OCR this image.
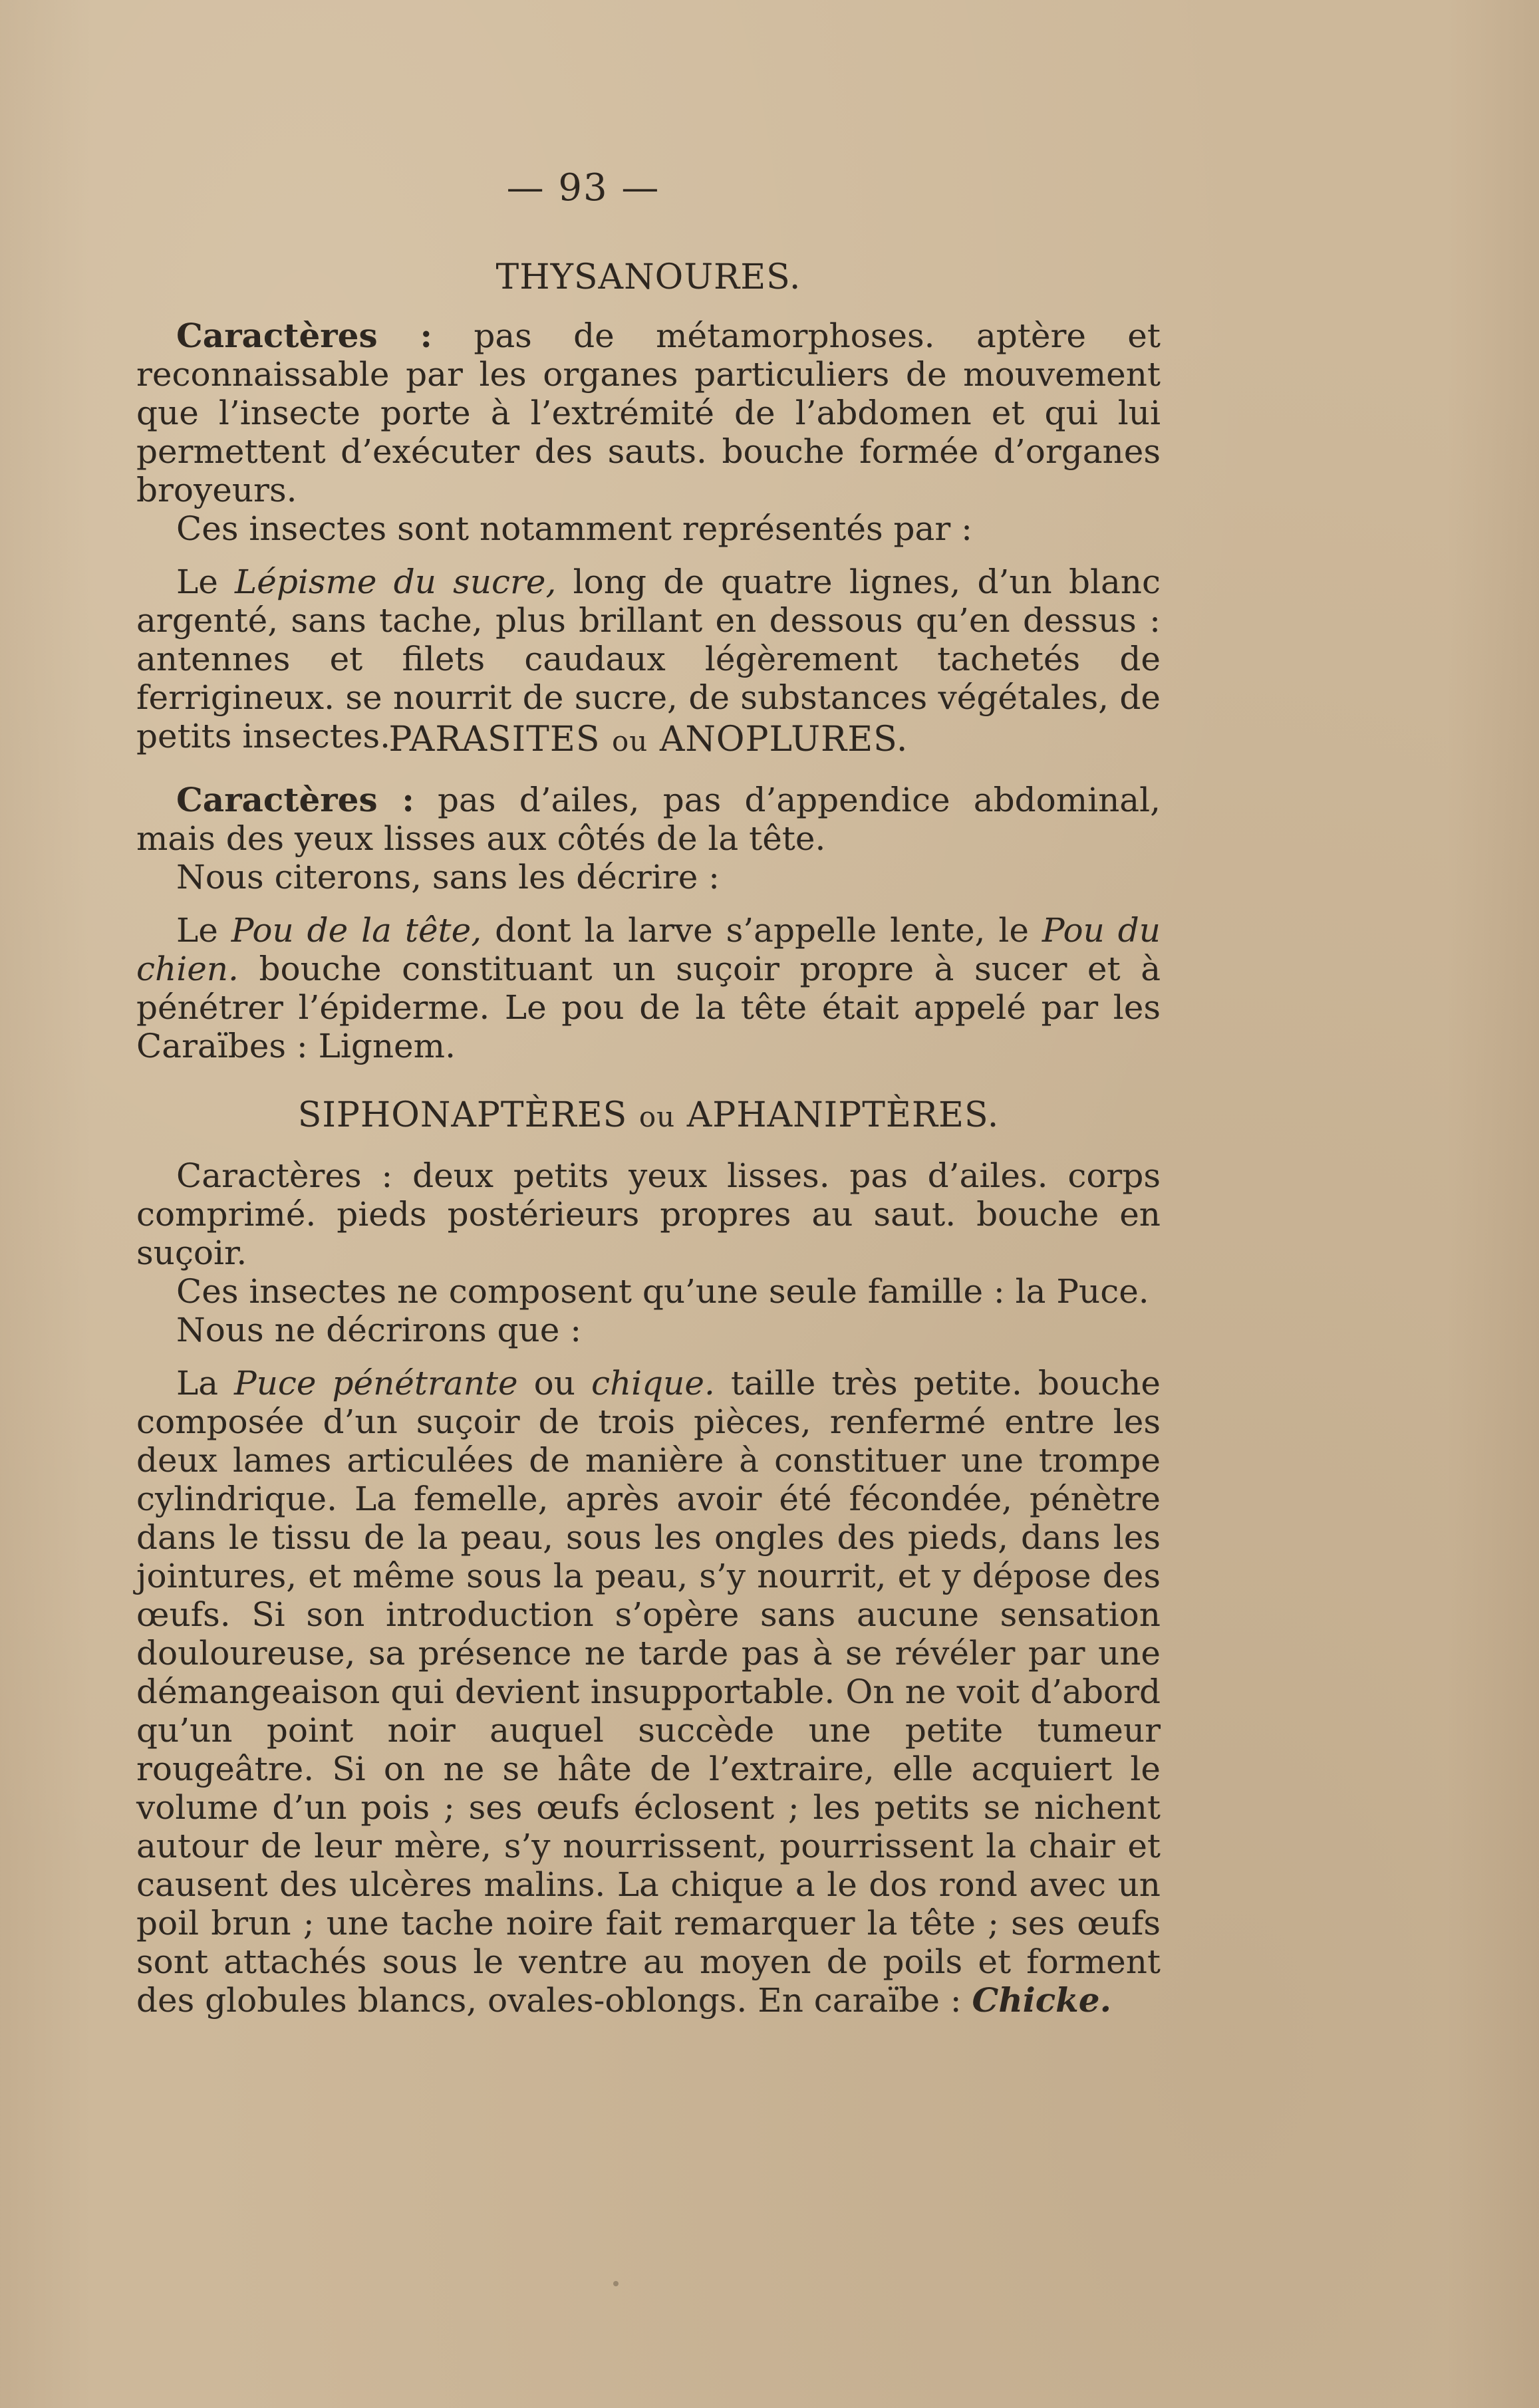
— 93 —
THYSANOURES.

Caractères : pas de métamorphoses. aptère et reconnaissable par les organes particuliers de mouvement que l’insecte porte à l’extrémité de l’abdomen et qui lui permettent d’exécuter des sauts. bouche formée d’organes broyeurs.

Ces insectes sont notamment représentés par :

Le Lépisme du sucre, long de quatre lignes, d’un blanc argenté, sans tache, plus brillant en dessous qu’en dessus : antennes et filets caudaux légèrement tachetés de ferrigineux. se nourrit de sucre, de substances végétales, de petits insectes.

PARASITES ou ANOPLURES.

Caractères : pas d’ailes, pas d’appendice abdominal, mais des yeux lisses aux côtés de la tête.

Nous citerons, sans les décrire :

Le Pou de la tête, dont la larve s’appelle lente, le Pou du chien. bouche constituant un suçoir propre à sucer et à pénétrer l’épiderme. Le pou de la tête était appelé par les Caraïbes : Lignem.

SIPHONAPTÈRES ou APHANIPTÈRES.

Caractères : deux petits yeux lisses. pas d’ailes. corps comprimé. pieds postérieurs propres au saut. bouche en suçoir.

Ces insectes ne composent qu’une seule famille : la Puce.

Nous ne décrirons que :

La Puce pénétrante ou chique. taille très petite. bouche composée d’un suçoir de trois pièces, renfermé entre les deux lames articulées de manière à constituer une trompe cylindrique. La femelle, après avoir été fécondée, pénètre dans le tissu de la peau, sous les ongles des pieds, dans les jointures, et même sous la peau, s’y nourrit, et y dépose des œufs. Si son introduction s’opère sans aucune sensation douloureuse, sa présence ne tarde pas à se révéler par une démangeaison qui devient insupportable. On ne voit d’abord qu’un point noir auquel succède une petite tumeur rougeâtre. Si on ne se hâte de l’extraire, elle acquiert le volume d’un pois ; ses œufs éclosent ; les petits se nichent autour de leur mère, s’y nourrissent, pourrissent la chair et causent des ulcères malins. La chique a le dos rond avec un poil brun ; une tache noire fait remarquer la tête ; ses œufs sont attachés sous le ventre au moyen de poils et forment des globules blancs, ovales-oblongs. En caraïbe : Chicke.
